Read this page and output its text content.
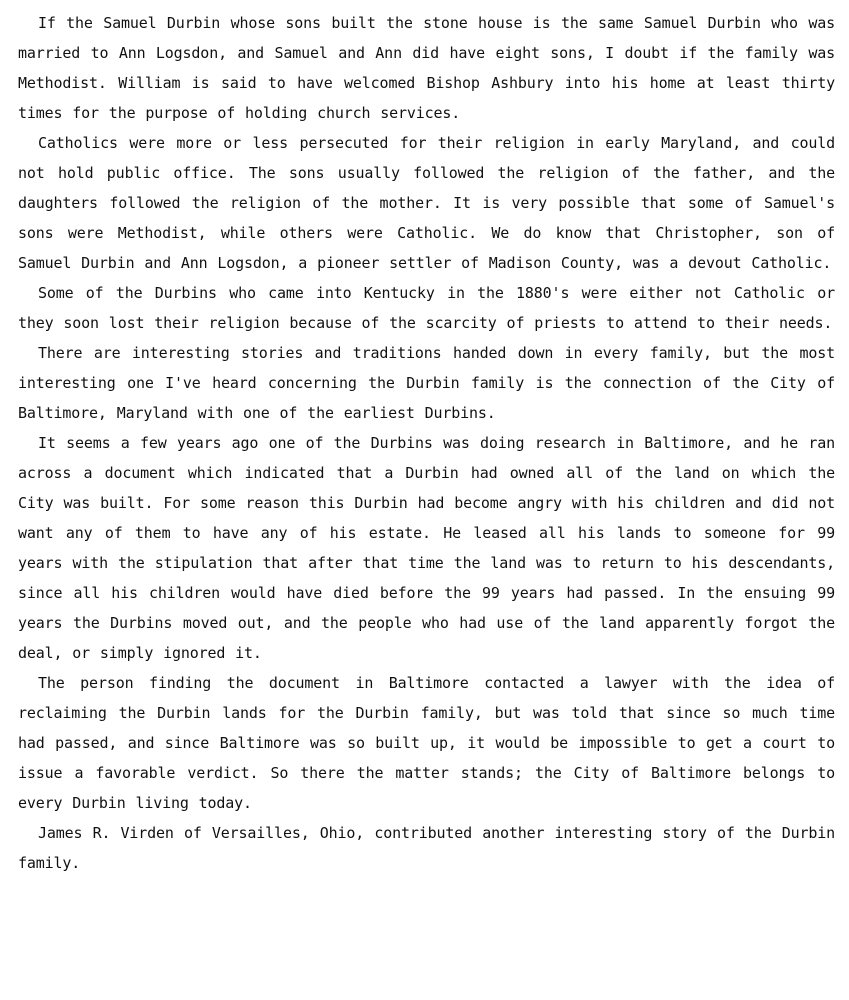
If the Samuel Durbin whose sons built the stone house is the same Samuel Durbin who was married to Ann Logsdon, and Samuel and Ann did have eight sons, I doubt if the family was Methodist. William is said to have welcomed Bishop Ashbury into his home at least thirty times for the purpose of holding church services.

Catholics were more or less persecuted for their religion in early Maryland, and could not hold public office. The sons usually followed the religion of the father, and the daughters followed the religion of the mother. It is very possible that some of Samuel's sons were Methodist, while others were Catholic. We do know that Christopher, son of Samuel Durbin and Ann Logsdon, a pioneer settler of Madison County, was a devout Catholic.

Some of the Durbins who came into Kentucky in the 1880's were either not Catholic or they soon lost their religion because of the scarcity of priests to attend to their needs.

There are interesting stories and traditions handed down in every family, but the most interesting one I've heard concerning the Durbin family is the connection of the City of Baltimore, Maryland with one of the earliest Durbins.

It seems a few years ago one of the Durbins was doing research in Baltimore, and he ran across a document which indicated that a Durbin had owned all of the land on which the City was built. For some reason this Durbin had become angry with his children and did not want any of them to have any of his estate. He leased all his lands to someone for 99 years with the stipulation that after that time the land was to return to his descendants, since all his children would have died before the 99 years had passed. In the ensuing 99 years the Durbins moved out, and the people who had use of the land apparently forgot the deal, or simply ignored it.

The person finding the document in Baltimore contacted a lawyer with the idea of reclaiming the Durbin lands for the Durbin family, but was told that since so much time had passed, and since Baltimore was so built up, it would be impossible to get a court to issue a favorable verdict. So there the matter stands; the City of Baltimore belongs to every Durbin living today.

James R. Virden of Versailles, Ohio, contributed another interesting story of the Durbin family.
